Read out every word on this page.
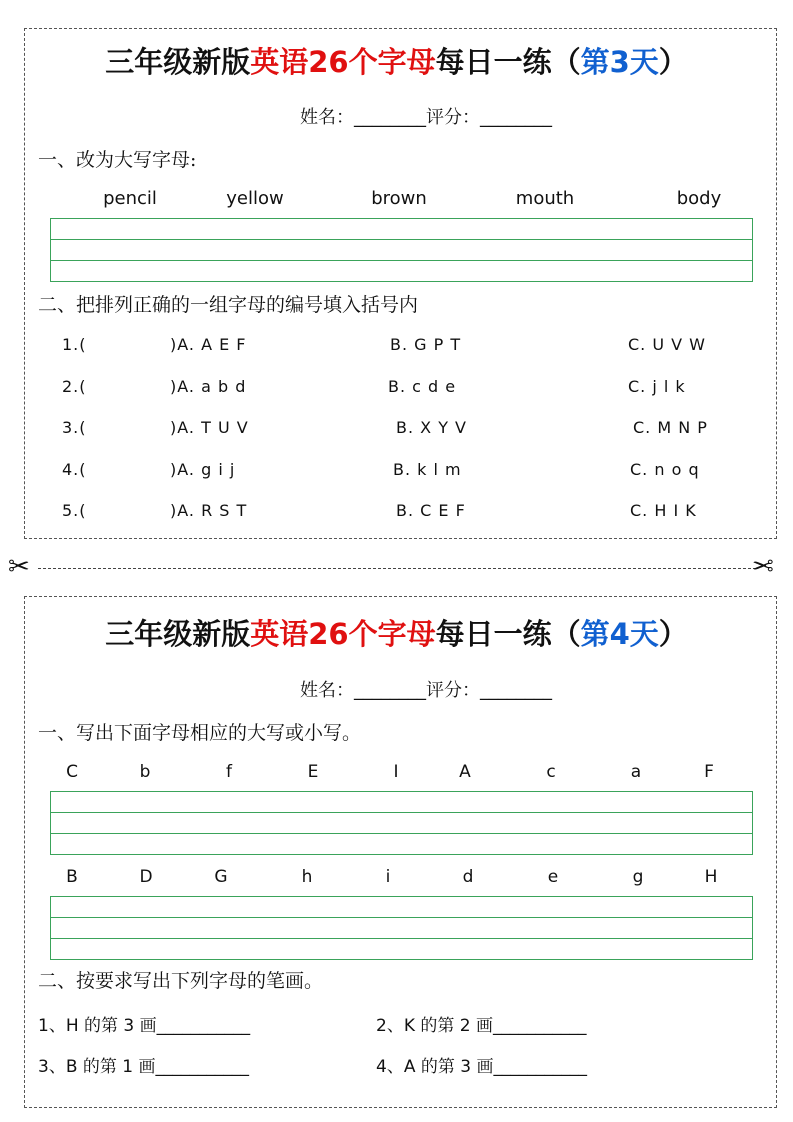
三年级新版英语26个字母每日一练（第3天）
姓名：________评分：________
一、改为大写字母:
pencil	yellow	brown	mouth	body
二、把排列正确的一组字母的编号填入括号内
1.(	)A. A E F	B. G P T	C. U V W
2.(	)A. a b d	B. c d e	C. j l k
3.(	)A. T U V	B. X Y V	C. M N P
4.(	)A. g i j	B. k l m	C. n o q
5.(	)A. R S T	B. C E F	C. H I K
✂	✂
三年级新版英语26个字母每日一练（第4天）
姓名：________评分：________
一、写出下面字母相应的大写或小写。
C	b	f	E	I	A	c	a	F
B	D	G	h	i	d	e	g	H
二、按要求写出下列字母的笔画。
1、H 的第 3 画___________	2、K 的第 2 画___________
3、B 的第 1 画___________	4、A 的第 3 画___________
